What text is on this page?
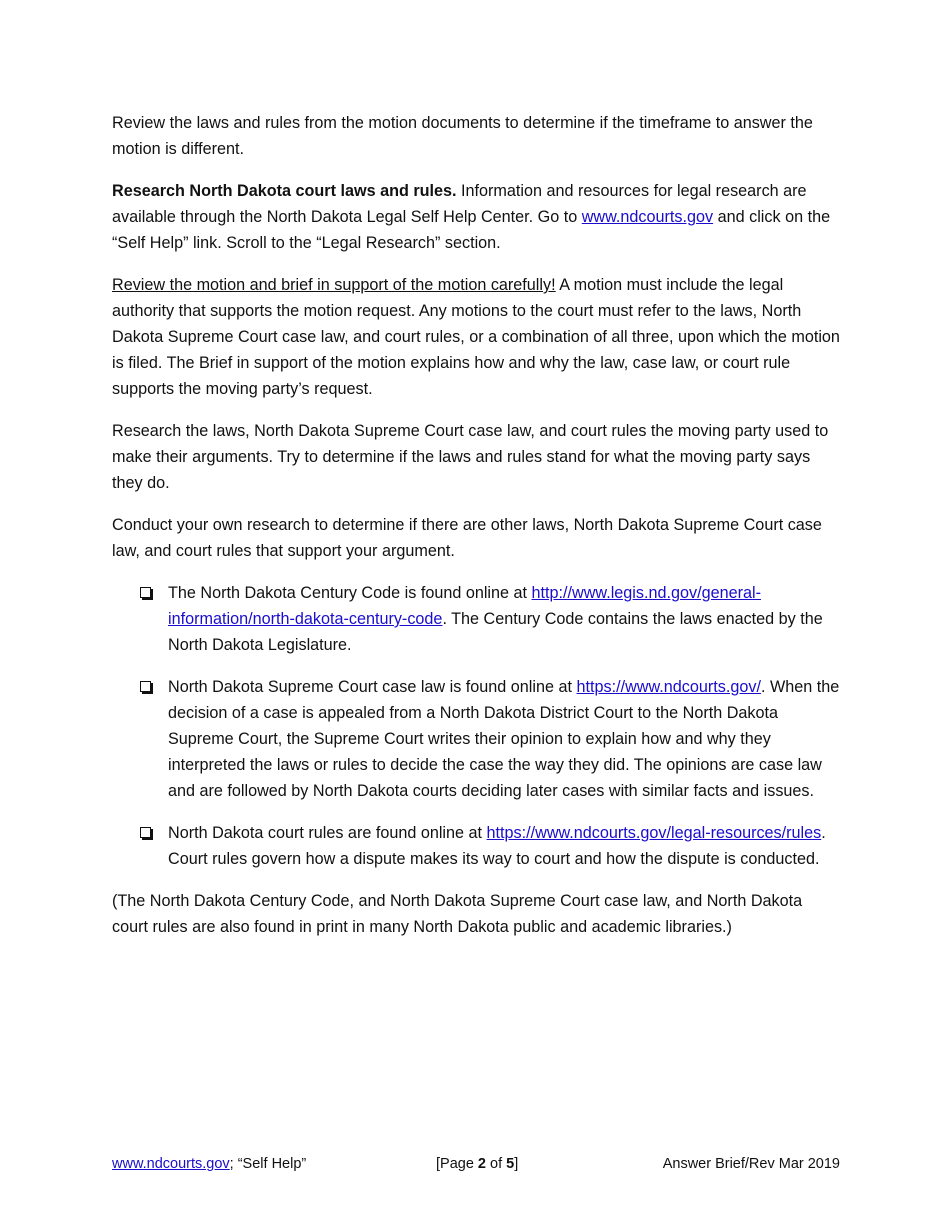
Review the laws and rules from the motion documents to determine if the timeframe to answer the motion is different.

Research North Dakota court laws and rules. Information and resources for legal research are available through the North Dakota Legal Self Help Center. Go to www.ndcourts.gov and click on the “Self Help” link. Scroll to the “Legal Research” section.

Review the motion and brief in support of the motion carefully! A motion must include the legal authority that supports the motion request. Any motions to the court must refer to the laws, North Dakota Supreme Court case law, and court rules, or a combination of all three, upon which the motion is filed. The Brief in support of the motion explains how and why the law, case law, or court rule supports the moving party’s request.

Research the laws, North Dakota Supreme Court case law, and court rules the moving party used to make their arguments. Try to determine if the laws and rules stand for what the moving party says they do.

Conduct your own research to determine if there are other laws, North Dakota Supreme Court case law, and court rules that support your argument.

The North Dakota Century Code is found online at http://www.legis.nd.gov/general-information/north-dakota-century-code. The Century Code contains the laws enacted by the North Dakota Legislature.
North Dakota Supreme Court case law is found online at https://www.ndcourts.gov/. When the decision of a case is appealed from a North Dakota District Court to the North Dakota Supreme Court, the Supreme Court writes their opinion to explain how and why they interpreted the laws or rules to decide the case the way they did. The opinions are case law and are followed by North Dakota courts deciding later cases with similar facts and issues.
North Dakota court rules are found online at https://www.ndcourts.gov/legal-resources/rules. Court rules govern how a dispute makes its way to court and how the dispute is conducted.

(The North Dakota Century Code, and North Dakota Supreme Court case law, and North Dakota court rules are also found in print in many North Dakota public and academic libraries.)

www.ndcourts.gov; “Self Help”	[Page 2 of 5]	Answer Brief/Rev Mar 2019
